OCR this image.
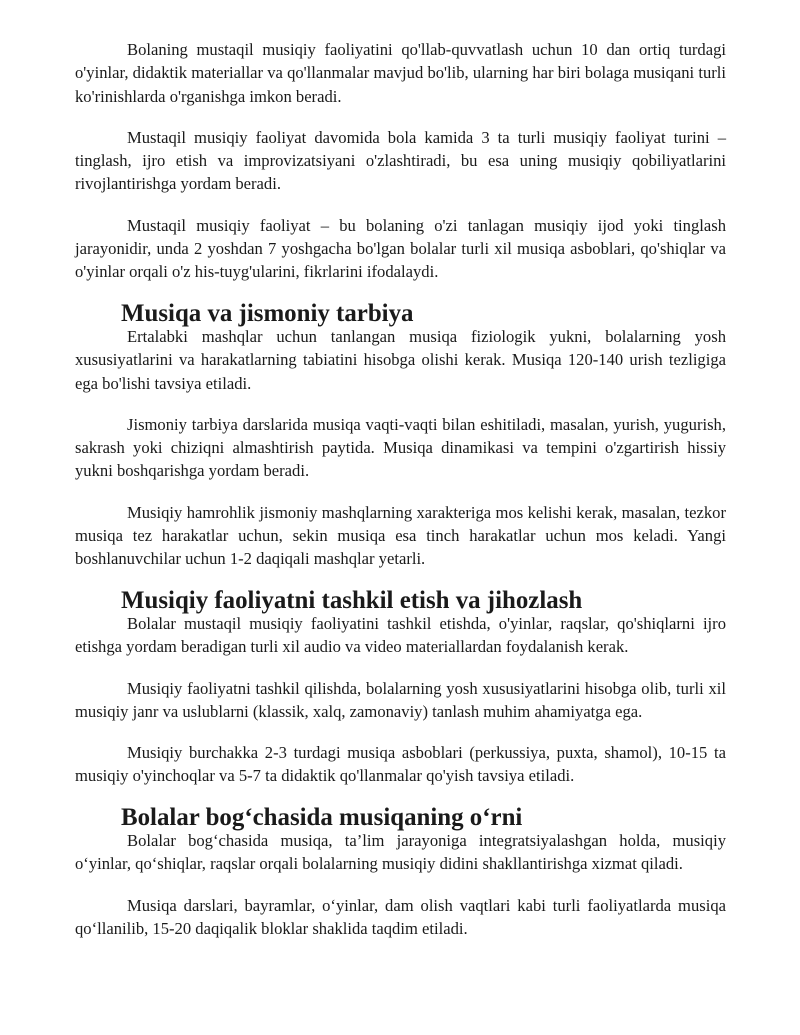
Bolaning mustaqil musiqiy faoliyatini qo'llab-quvvatlash uchun 10 dan ortiq turdagi o'yinlar, didaktik materiallar va qo'llanmalar mavjud bo'lib, ularning har biri bolaga musiqani turli ko'rinishlarda o'rganishga imkon beradi.

Mustaqil musiqiy faoliyat davomida bola kamida 3 ta turli musiqiy faoliyat turini – tinglash, ijro etish va improvizatsiyani o'zlashtiradi, bu esa uning musiqiy qobiliyatlarini rivojlantirishga yordam beradi.

Mustaqil musiqiy faoliyat – bu bolaning o'zi tanlagan musiqiy ijod yoki tinglash jarayonidir, unda 2 yoshdan 7 yoshgacha bo'lgan bolalar turli xil musiqa asboblari, qo'shiqlar va o'yinlar orqali o'z his-tuyg'ularini, fikrlarini ifodalaydi.

Musiqa va jismoniy tarbiya

Ertalabki mashqlar uchun tanlangan musiqa fiziologik yukni, bolalarning yosh xususiyatlarini va harakatlarning tabiatini hisobga olishi kerak. Musiqa 120-140 urish tezligiga ega bo'lishi tavsiya etiladi.

Jismoniy tarbiya darslarida musiqa vaqti-vaqti bilan eshitiladi, masalan, yurish, yugurish, sakrash yoki chiziqni almashtirish paytida. Musiqa dinamikasi va tempini o'zgartirish hissiy yukni boshqarishga yordam beradi.

Musiqiy hamrohlik jismoniy mashqlarning xarakteriga mos kelishi kerak, masalan, tezkor musiqa tez harakatlar uchun, sekin musiqa esa tinch harakatlar uchun mos keladi. Yangi boshlanuvchilar uchun 1-2 daqiqali mashqlar yetarli.

Musiqiy faoliyatni tashkil etish va jihozlash

Bolalar mustaqil musiqiy faoliyatini tashkil etishda, o'yinlar, raqslar, qo'shiqlarni ijro etishga yordam beradigan turli xil audio va video materiallardan foydalanish kerak.

Musiqiy faoliyatni tashkil qilishda, bolalarning yosh xususiyatlarini hisobga olib, turli xil musiqiy janr va uslublarni (klassik, xalq, zamonaviy) tanlash muhim ahamiyatga ega.

Musiqiy burchakka 2-3 turdagi musiqa asboblari (perkussiya, puxta, shamol), 10-15 ta musiqiy o'yinchoqlar va 5-7 ta didaktik qo'llanmalar qo'yish tavsiya etiladi.

Bolalar bog‘chasida musiqaning o‘rni

Bolalar bog‘chasida musiqa, ta’lim jarayoniga integratsiyalashgan holda, musiqiy o‘yinlar, qo‘shiqlar, raqslar orqali bolalarning musiqiy didini shakllantirishga xizmat qiladi.

Musiqa darslari, bayramlar, o‘yinlar, dam olish vaqtlari kabi turli faoliyatlarda musiqa qo‘llanilib, 15-20 daqiqalik bloklar shaklida taqdim etiladi.
